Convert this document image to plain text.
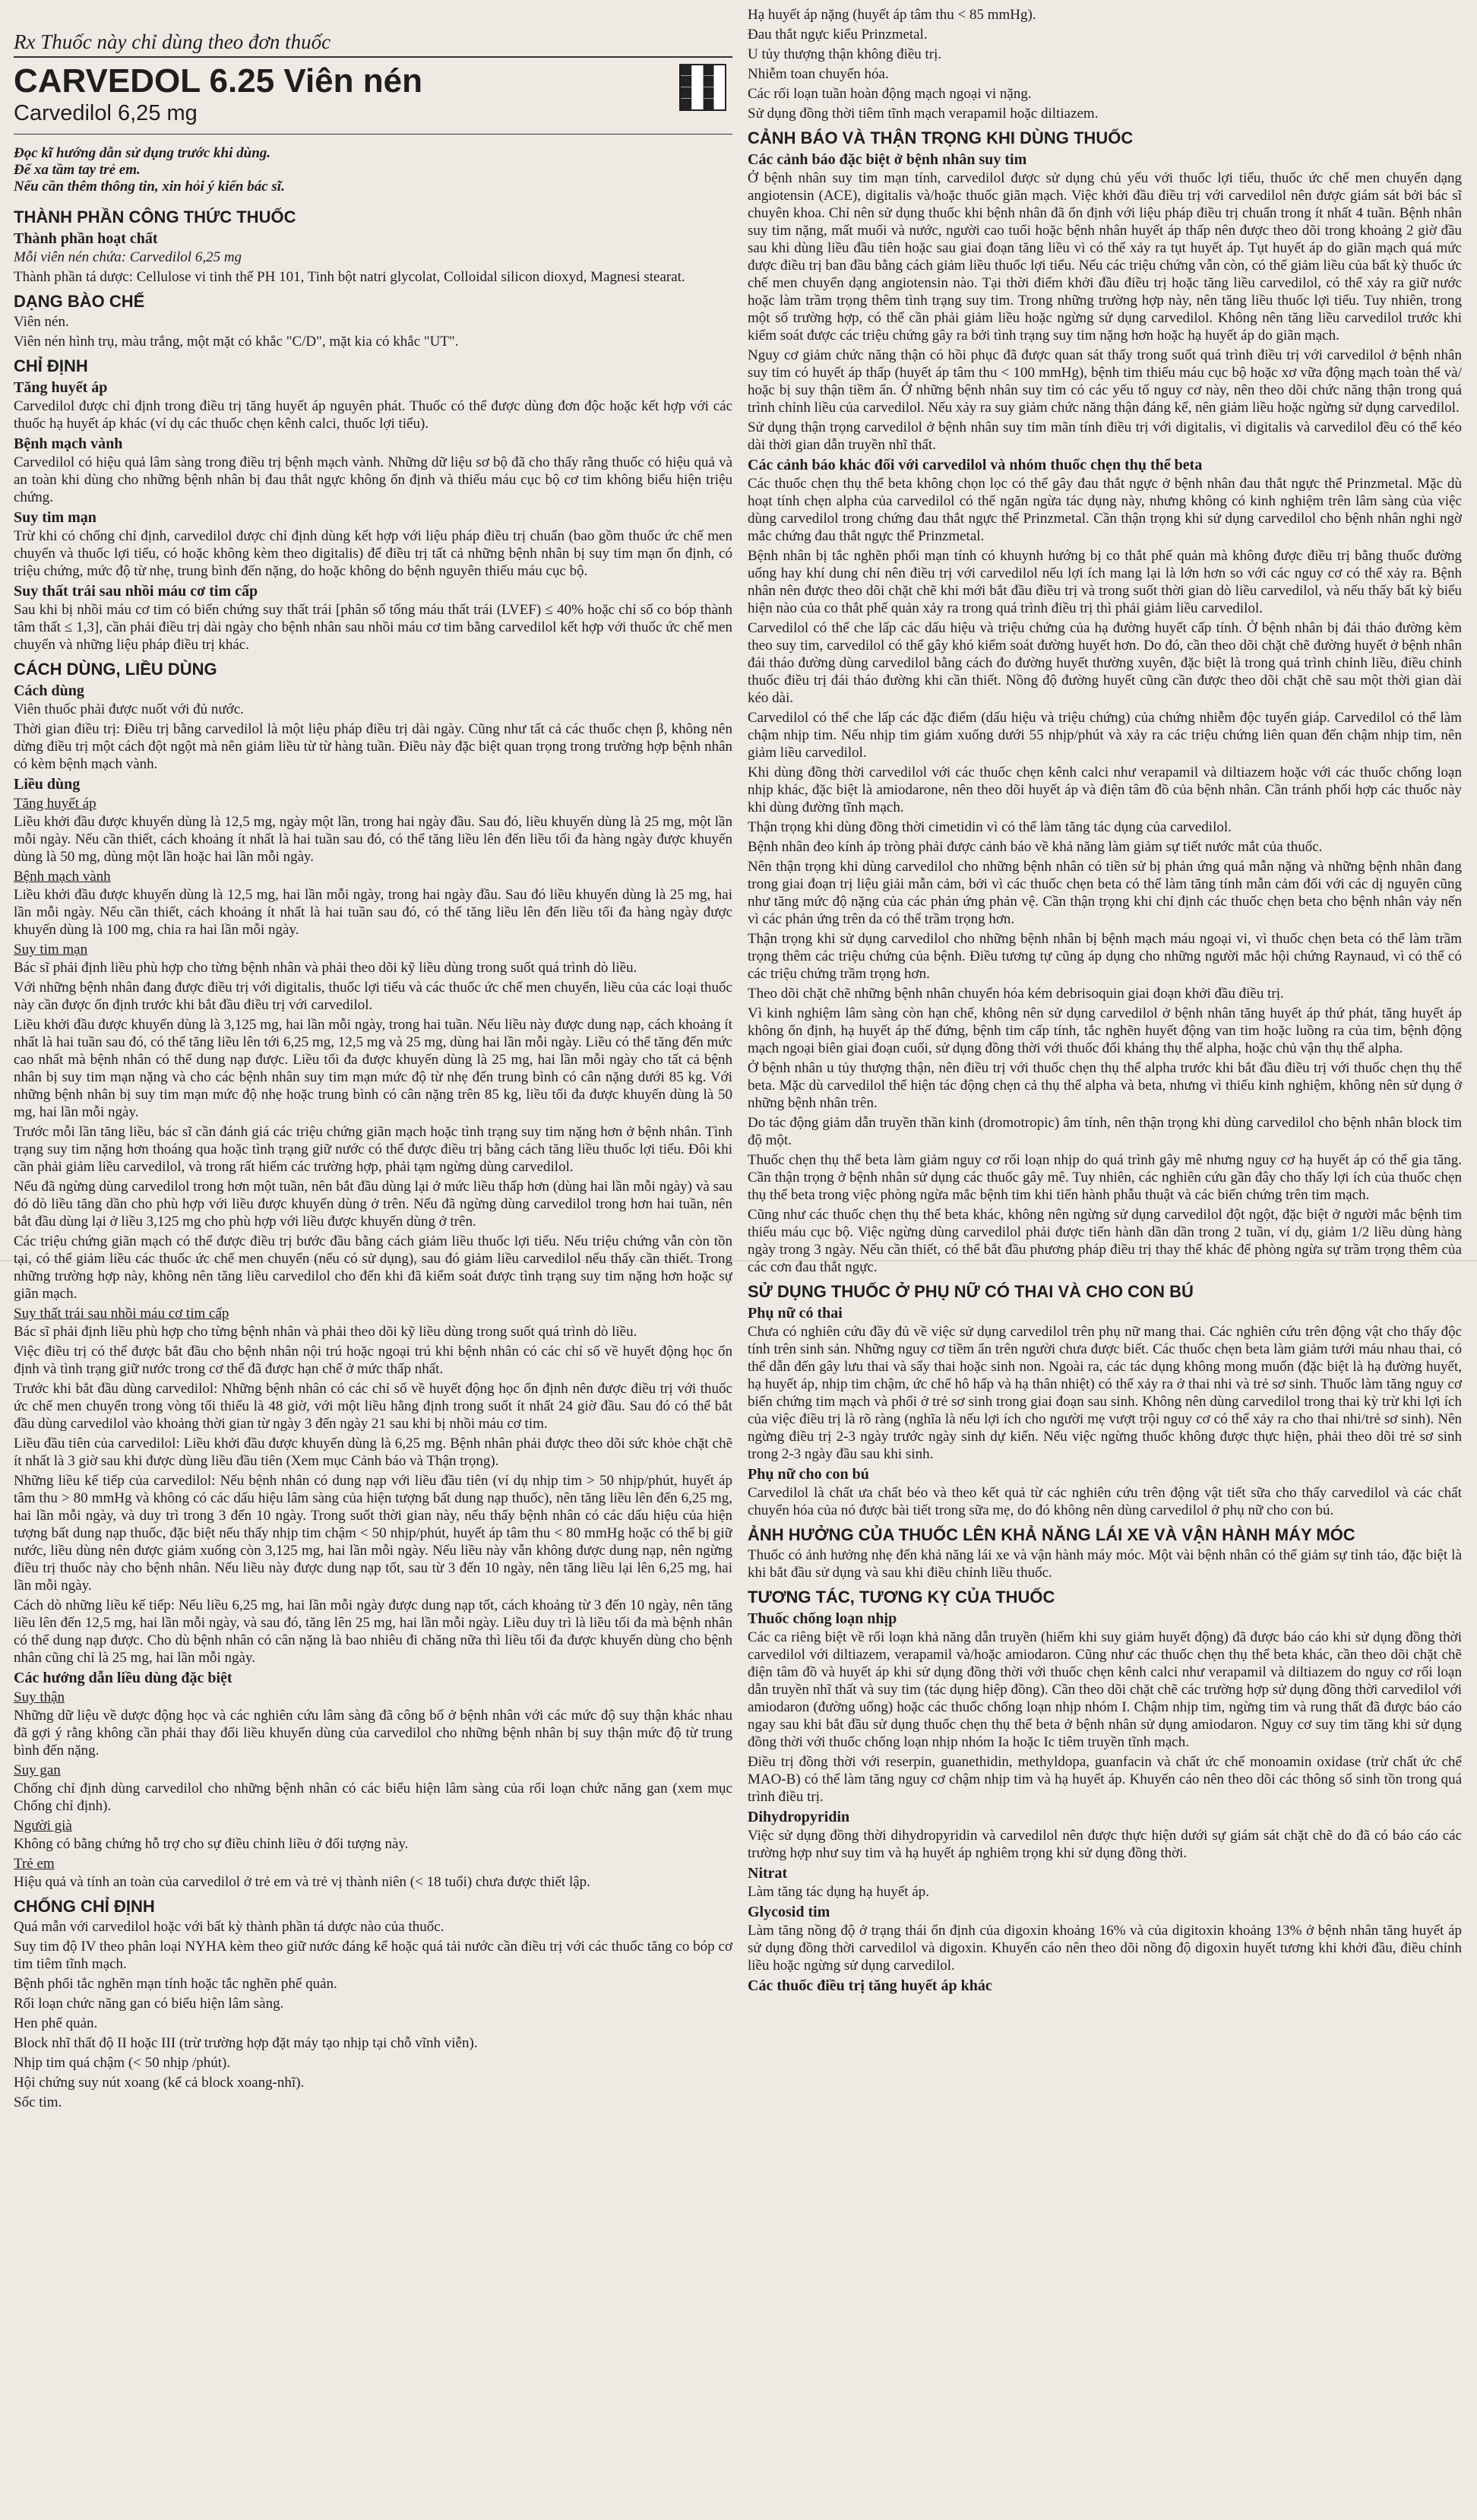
Rx Thuốc này chỉ dùng theo đơn thuốc

CARVEDOL 6.25 Viên nén
Carvedilol 6,25 mg

Đọc kĩ hướng dẫn sử dụng trước khi dùng.

Để xa tầm tay trẻ em.

Nếu cần thêm thông tin, xin hỏi ý kiến bác sĩ.

THÀNH PHẦN CÔNG THỨC THUỐC
Thành phần hoạt chất

Mỗi viên nén chứa: Carvedilol 6,25 mg

Thành phần tá dược: Cellulose vi tinh thể PH 101, Tinh bột natri glycolat, Colloidal silicon dioxyd, Magnesi stearat.

DẠNG BÀO CHẾ

Viên nén.

Viên nén hình trụ, màu trắng, một mặt có khắc "C/D", mặt kia có khắc "UT".

CHỈ ĐỊNH
Tăng huyết áp

Carvedilol được chỉ định trong điều trị tăng huyết áp nguyên phát. Thuốc có thể được dùng đơn độc hoặc kết hợp với các thuốc hạ huyết áp khác (ví dụ các thuốc chẹn kênh calci, thuốc lợi tiểu).

Bệnh mạch vành

Carvedilol có hiệu quả lâm sàng trong điều trị bệnh mạch vành. Những dữ liệu sơ bộ đã cho thấy rằng thuốc có hiệu quả và an toàn khi dùng cho những bệnh nhân bị đau thắt ngực không ổn định và thiếu máu cục bộ cơ tim không biểu hiện triệu chứng.

Suy tim mạn

Trừ khi có chống chỉ định, carvedilol được chỉ định dùng kết hợp với liệu pháp điều trị chuẩn (bao gồm thuốc ức chế men chuyển và thuốc lợi tiểu, có hoặc không kèm theo digitalis) để điều trị tất cả những bệnh nhân bị suy tim mạn ổn định, có triệu chứng, mức độ từ nhẹ, trung bình đến nặng, do hoặc không do bệnh nguyên thiếu máu cục bộ.

Suy thất trái sau nhồi máu cơ tim cấp

Sau khi bị nhồi máu cơ tim có biến chứng suy thất trái [phân số tống máu thất trái (LVEF) ≤ 40% hoặc chỉ số co bóp thành tâm thất ≤ 1,3], cần phải điều trị dài ngày cho bệnh nhân sau nhồi máu cơ tim bằng carvedilol kết hợp với thuốc ức chế men chuyển và những liệu pháp điều trị khác.

CÁCH DÙNG, LIỀU DÙNG
Cách dùng

Viên thuốc phải được nuốt với đủ nước.

Thời gian điều trị: Điều trị bằng carvedilol là một liệu pháp điều trị dài ngày. Cũng như tất cả các thuốc chẹn β, không nên dừng điều trị một cách đột ngột mà nên giảm liều từ từ hàng tuần. Điều này đặc biệt quan trọng trong trường hợp bệnh nhân có kèm bệnh mạch vành.

Liều dùng
Tăng huyết áp

Liều khởi đầu được khuyến dùng là 12,5 mg, ngày một lần, trong hai ngày đầu. Sau đó, liều khuyến dùng là 25 mg, một lần mỗi ngày. Nếu cần thiết, cách khoảng ít nhất là hai tuần sau đó, có thể tăng liều lên đến liều tối đa hàng ngày được khuyến dùng là 50 mg, dùng một lần hoặc hai lần mỗi ngày.

Bệnh mạch vành

Liều khởi đầu được khuyến dùng là 12,5 mg, hai lần mỗi ngày, trong hai ngày đầu. Sau đó liều khuyến dùng là 25 mg, hai lần mỗi ngày. Nếu cần thiết, cách khoảng ít nhất là hai tuần sau đó, có thể tăng liều lên đến liều tối đa hàng ngày được khuyến dùng là 100 mg, chia ra hai lần mỗi ngày.

Suy tim mạn

Bác sĩ phải định liều phù hợp cho từng bệnh nhân và phải theo dõi kỹ liều dùng trong suốt quá trình dò liều.

Với những bệnh nhân đang được điều trị với digitalis, thuốc lợi tiểu và các thuốc ức chế men chuyển, liều của các loại thuốc này cần được ổn định trước khi bắt đầu điều trị với carvedilol.

Liều khởi đầu được khuyến dùng là 3,125 mg, hai lần mỗi ngày, trong hai tuần. Nếu liều này được dung nạp, cách khoảng ít nhất là hai tuần sau đó, có thể tăng liều lên tới 6,25 mg, 12,5 mg và 25 mg, dùng hai lần mỗi ngày. Liều có thể tăng đến mức cao nhất mà bệnh nhân có thể dung nạp được. Liều tối đa được khuyến dùng là 25 mg, hai lần mỗi ngày cho tất cả bệnh nhân bị suy tim mạn nặng và cho các bệnh nhân suy tim mạn mức độ từ nhẹ đến trung bình có cân nặng dưới 85 kg. Với những bệnh nhân bị suy tim mạn mức độ nhẹ hoặc trung bình có cân nặng trên 85 kg, liều tối đa được khuyến dùng là 50 mg, hai lần mỗi ngày.

Trước mỗi lần tăng liều, bác sĩ cần đánh giá các triệu chứng giãn mạch hoặc tình trạng suy tim nặng hơn ở bệnh nhân. Tình trạng suy tim nặng hơn thoáng qua hoặc tình trạng giữ nước có thể được điều trị bằng cách tăng liều thuốc lợi tiểu. Đôi khi cần phải giảm liều carvedilol, và trong rất hiếm các trường hợp, phải tạm ngừng dùng carvedilol.

Nếu đã ngừng dùng carvedilol trong hơn một tuần, nên bắt đầu dùng lại ở mức liều thấp hơn (dùng hai lần mỗi ngày) và sau đó dò liều tăng dần cho phù hợp với liều được khuyến dùng ở trên. Nếu đã ngừng dùng carvedilol trong hơn hai tuần, nên bắt đầu dùng lại ở liều 3,125 mg cho phù hợp với liều được khuyến dùng ở trên.

Các triệu chứng giãn mạch có thể được điều trị bước đầu bằng cách giảm liều thuốc lợi tiểu. Nếu triệu chứng vẫn còn tồn tại, có thể giảm liều các thuốc ức chế men chuyển (nếu có sử dụng), sau đó giảm liều carvedilol nếu thấy cần thiết. Trong những trường hợp này, không nên tăng liều carvedilol cho đến khi đã kiểm soát được tình trạng suy tim nặng hơn hoặc sự giãn mạch.

Suy thất trái sau nhồi máu cơ tim cấp

Bác sĩ phải định liều phù hợp cho từng bệnh nhân và phải theo dõi kỹ liều dùng trong suốt quá trình dò liều.

Việc điều trị có thể được bắt đầu cho bệnh nhân nội trú hoặc ngoại trú khi bệnh nhân có các chỉ số về huyết động học ổn định và tình trạng giữ nước trong cơ thể đã được hạn chế ở mức thấp nhất.

Trước khi bắt đầu dùng carvedilol: Những bệnh nhân có các chỉ số về huyết động học ổn định nên được điều trị với thuốc ức chế men chuyển trong vòng tối thiểu là 48 giờ, với một liều hằng định trong suốt ít nhất 24 giờ đầu. Sau đó có thể bắt đầu dùng carvedilol vào khoảng thời gian từ ngày 3 đến ngày 21 sau khi bị nhồi máu cơ tim.

Liều đầu tiên của carvedilol: Liều khởi đầu được khuyến dùng là 6,25 mg. Bệnh nhân phải được theo dõi sức khỏe chặt chẽ ít nhất là 3 giờ sau khi được dùng liều đầu tiên (Xem mục Cảnh báo và Thận trọng).

Những liều kế tiếp của carvedilol: Nếu bệnh nhân có dung nạp với liều đầu tiên (ví dụ nhịp tim > 50 nhịp/phút, huyết áp tâm thu > 80 mmHg và không có các dấu hiệu lâm sàng của hiện tượng bất dung nạp thuốc), nên tăng liều lên đến 6,25 mg, hai lần mỗi ngày, và duy trì trong 3 đến 10 ngày. Trong suốt thời gian này, nếu thấy bệnh nhân có các dấu hiệu của hiện tượng bất dung nạp thuốc, đặc biệt nếu thấy nhịp tim chậm < 50 nhịp/phút, huyết áp tâm thu < 80 mmHg hoặc có thể bị giữ nước, liều dùng nên được giảm xuống còn 3,125 mg, hai lần mỗi ngày. Nếu liều này vẫn không được dung nạp, nên ngừng điều trị thuốc này cho bệnh nhân. Nếu liều này được dung nạp tốt, sau từ 3 đến 10 ngày, nên tăng liều lại lên 6,25 mg, hai lần mỗi ngày.

Cách dò những liều kế tiếp: Nếu liều 6,25 mg, hai lần mỗi ngày được dung nạp tốt, cách khoảng từ 3 đến 10 ngày, nên tăng liều lên đến 12,5 mg, hai lần mỗi ngày, và sau đó, tăng lên 25 mg, hai lần mỗi ngày. Liều duy trì là liều tối đa mà bệnh nhân có thể dung nạp được. Cho dù bệnh nhân có cân nặng là bao nhiêu đi chăng nữa thì liều tối đa được khuyến dùng cho bệnh nhân cũng chỉ là 25 mg, hai lần mỗi ngày.

Các hướng dẫn liều dùng đặc biệt
Suy thận

Những dữ liệu về dược động học và các nghiên cứu lâm sàng đã công bố ở bệnh nhân với các mức độ suy thận khác nhau đã gợi ý rằng không cần phải thay đổi liều khuyến dùng của carvedilol cho những bệnh nhân bị suy thận mức độ từ trung bình đến nặng.

Suy gan

Chống chỉ định dùng carvedilol cho những bệnh nhân có các biểu hiện lâm sàng của rối loạn chức năng gan (xem mục Chống chỉ định).

Người già

Không có bằng chứng hỗ trợ cho sự điều chỉnh liều ở đối tượng này.

Trẻ em

Hiệu quả và tính an toàn của carvedilol ở trẻ em và trẻ vị thành niên (< 18 tuổi) chưa được thiết lập.

CHỐNG CHỈ ĐỊNH

Quá mẫn với carvedilol hoặc với bất kỳ thành phần tá dược nào của thuốc.

Suy tim độ IV theo phân loại NYHA kèm theo giữ nước đáng kể hoặc quá tải nước cần điều trị với các thuốc tăng co bóp cơ tim tiêm tĩnh mạch.

Bệnh phổi tắc nghẽn mạn tính hoặc tắc nghẽn phế quản.

Rối loạn chức năng gan có biểu hiện lâm sàng.

Hen phế quản.

Block nhĩ thất độ II hoặc III (trừ trường hợp đặt máy tạo nhịp tại chỗ vĩnh viễn).

Nhịp tim quá chậm (< 50 nhịp /phút).

Hội chứng suy nút xoang (kể cả block xoang-nhĩ).

Sốc tim.

Hạ huyết áp nặng (huyết áp tâm thu < 85 mmHg).

Đau thắt ngực kiểu Prinzmetal.

U tủy thượng thận không điều trị.

Nhiễm toan chuyển hóa.

Các rối loạn tuần hoàn động mạch ngoại vi nặng.

Sử dụng đồng thời tiêm tĩnh mạch verapamil hoặc diltiazem.

CẢNH BÁO VÀ THẬN TRỌNG KHI DÙNG THUỐC
Các cảnh báo đặc biệt ở bệnh nhân suy tim

Ở bệnh nhân suy tim mạn tính, carvedilol được sử dụng chủ yếu với thuốc lợi tiểu, thuốc ức chế men chuyển dạng angiotensin (ACE), digitalis và/hoặc thuốc giãn mạch. Việc khởi đầu điều trị với carvedilol nên được giám sát bởi bác sĩ chuyên khoa. Chỉ nên sử dụng thuốc khi bệnh nhân đã ổn định với liệu pháp điều trị chuẩn trong ít nhất 4 tuần. Bệnh nhân suy tim nặng, mất muối và nước, người cao tuổi hoặc bệnh nhân huyết áp thấp nên được theo dõi trong khoảng 2 giờ đầu sau khi dùng liều đầu tiên hoặc sau giai đoạn tăng liều vì có thể xảy ra tụt huyết áp. Tụt huyết áp do giãn mạch quá mức được điều trị ban đầu bằng cách giảm liều thuốc lợi tiểu. Nếu các triệu chứng vẫn còn, có thể giảm liều của bất kỳ thuốc ức chế men chuyển dạng angiotensin nào. Tại thời điểm khởi đầu điều trị hoặc tăng liều carvedilol, có thể xảy ra giữ nước hoặc làm trầm trọng thêm tình trạng suy tim. Trong những trường hợp này, nên tăng liều thuốc lợi tiểu. Tuy nhiên, trong một số trường hợp, có thể cần phải giảm liều hoặc ngừng sử dụng carvedilol. Không nên tăng liều carvedilol trước khi kiểm soát được các triệu chứng gây ra bởi tình trạng suy tim nặng hơn hoặc hạ huyết áp do giãn mạch.

Nguy cơ giảm chức năng thận có hồi phục đã được quan sát thấy trong suốt quá trình điều trị với carvedilol ở bệnh nhân suy tim có huyết áp thấp (huyết áp tâm thu < 100 mmHg), bệnh tim thiếu máu cục bộ hoặc xơ vữa động mạch toàn thể và/ hoặc bị suy thận tiềm ẩn. Ở những bệnh nhân suy tim có các yếu tố nguy cơ này, nên theo dõi chức năng thận trong quá trình chỉnh liều của carvedilol. Nếu xảy ra suy giảm chức năng thận đáng kể, nên giảm liều hoặc ngừng sử dụng carvedilol.

Sử dụng thận trọng carvedilol ở bệnh nhân suy tim mãn tính điều trị với digitalis, vì digitalis và carvedilol đều có thể kéo dài thời gian dẫn truyền nhĩ thất.

Các cảnh báo khác đối với carvedilol và nhóm thuốc chẹn thụ thể beta

Các thuốc chẹn thụ thể beta không chọn lọc có thể gây đau thắt ngực ở bệnh nhân đau thắt ngực thể Prinzmetal. Mặc dù hoạt tính chẹn alpha của carvedilol có thể ngăn ngừa tác dụng này, nhưng không có kinh nghiệm trên lâm sàng của việc dùng carvedilol trong chứng đau thắt ngực thể Prinzmetal. Cần thận trọng khi sử dụng carvedilol cho bệnh nhân nghi ngờ mắc chứng đau thắt ngực thể Prinzmetal.

Bệnh nhân bị tắc nghẽn phổi mạn tính có khuynh hướng bị co thắt phế quản mà không được điều trị bằng thuốc đường uống hay khí dung chỉ nên điều trị với carvedilol nếu lợi ích mang lại là lớn hơn so với các nguy cơ có thể xảy ra. Bệnh nhân nên được theo dõi chặt chẽ khi mới bắt đầu điều trị và trong suốt thời gian dò liều carvedilol, và nếu thấy bất kỳ biểu hiện nào của co thắt phế quản xảy ra trong quá trình điều trị thì phải giảm liều carvedilol.

Carvedilol có thể che lấp các dấu hiệu và triệu chứng của hạ đường huyết cấp tính. Ở bệnh nhân bị đái tháo đường kèm theo suy tim, carvedilol có thể gây khó kiểm soát đường huyết hơn. Do đó, cần theo dõi chặt chẽ đường huyết ở bệnh nhân đái tháo đường dùng carvedilol bằng cách đo đường huyết thường xuyên, đặc biệt là trong quá trình chỉnh liều, điều chỉnh thuốc điều trị đái tháo đường khi cần thiết. Nồng độ đường huyết cũng cần được theo dõi chặt chẽ sau một thời gian dài kéo dài.

Carvedilol có thể che lấp các đặc điểm (dấu hiệu và triệu chứng) của chứng nhiễm độc tuyến giáp. Carvedilol có thể làm chậm nhịp tim. Nếu nhịp tim giảm xuống dưới 55 nhịp/phút và xảy ra các triệu chứng liên quan đến chậm nhịp tim, nên giảm liều carvedilol.

Khi dùng đồng thời carvedilol với các thuốc chẹn kênh calci như verapamil và diltiazem hoặc với các thuốc chống loạn nhịp khác, đặc biệt là amiodarone, nên theo dõi huyết áp và điện tâm đồ của bệnh nhân. Cần tránh phối hợp các thuốc này khi dùng đường tĩnh mạch.

Thận trọng khi dùng đồng thời cimetidin vì có thể làm tăng tác dụng của carvedilol.

Bệnh nhân đeo kính áp tròng phải được cảnh báo về khả năng làm giảm sự tiết nước mắt của thuốc.

Nên thận trọng khi dùng carvedilol cho những bệnh nhân có tiền sử bị phản ứng quá mẫn nặng và những bệnh nhân đang trong giai đoạn trị liệu giải mẫn cảm, bởi vì các thuốc chẹn beta có thể làm tăng tính mẫn cảm đối với các dị nguyên cũng như tăng mức độ nặng của các phản ứng phản vệ. Cần thận trọng khi chỉ định các thuốc chẹn beta cho bệnh nhân vảy nến vì các phản ứng trên da có thể trầm trọng hơn.

Thận trọng khi sử dụng carvedilol cho những bệnh nhân bị bệnh mạch máu ngoại vi, vì thuốc chẹn beta có thể làm trầm trọng thêm các triệu chứng của bệnh. Điều tương tự cũng áp dụng cho những người mắc hội chứng Raynaud, vì có thể có các triệu chứng trầm trọng hơn.

Theo dõi chặt chẽ những bệnh nhân chuyển hóa kém debrisoquin giai đoạn khởi đầu điều trị.

Vì kinh nghiệm lâm sàng còn hạn chế, không nên sử dụng carvedilol ở bệnh nhân tăng huyết áp thứ phát, tăng huyết áp không ổn định, hạ huyết áp thế đứng, bệnh tim cấp tính, tắc nghẽn huyết động van tim hoặc luồng ra của tim, bệnh động mạch ngoại biên giai đoạn cuối, sử dụng đồng thời với thuốc đối kháng thụ thể alpha, hoặc chủ vận thụ thể alpha.

Ở bệnh nhân u tủy thượng thận, nên điều trị với thuốc chẹn thụ thể alpha trước khi bắt đầu điều trị với thuốc chẹn thụ thể beta. Mặc dù carvedilol thể hiện tác động chẹn cả thụ thể alpha và beta, nhưng vì thiếu kinh nghiệm, không nên sử dụng ở những bệnh nhân trên.

Do tác động giảm dẫn truyền thần kinh (dromotropic) âm tính, nên thận trọng khi dùng carvedilol cho bệnh nhân block tim độ một.

Thuốc chẹn thụ thể beta làm giảm nguy cơ rối loạn nhịp do quá trình gây mê nhưng nguy cơ hạ huyết áp có thể gia tăng. Cần thận trọng ở bệnh nhân sử dụng các thuốc gây mê. Tuy nhiên, các nghiên cứu gần đây cho thấy lợi ích của thuốc chẹn thụ thể beta trong việc phòng ngừa mắc bệnh tim khi tiến hành phẫu thuật và các biến chứng trên tim mạch.

Cũng như các thuốc chẹn thụ thể beta khác, không nên ngừng sử dụng carvedilol đột ngột, đặc biệt ở người mắc bệnh tim thiếu máu cục bộ. Việc ngừng dùng carvedilol phải được tiến hành dần dần trong 2 tuần, ví dụ, giảm 1/2 liều dùng hàng ngày trong 3 ngày. Nếu cần thiết, có thể bắt đầu phương pháp điều trị thay thế khác để phòng ngừa sự trầm trọng thêm của các cơn đau thắt ngực.

SỬ DỤNG THUỐC Ở PHỤ NỮ CÓ THAI VÀ CHO CON BÚ
Phụ nữ có thai

Chưa có nghiên cứu đầy đủ về việc sử dụng carvedilol trên phụ nữ mang thai. Các nghiên cứu trên động vật cho thấy độc tính trên sinh sản. Những nguy cơ tiềm ẩn trên người chưa được biết. Các thuốc chẹn beta làm giảm tưới máu nhau thai, có thể dẫn đến gây lưu thai và sẩy thai hoặc sinh non. Ngoài ra, các tác dụng không mong muốn (đặc biệt là hạ đường huyết, hạ huyết áp, nhịp tim chậm, ức chế hô hấp và hạ thân nhiệt) có thể xảy ra ở thai nhi và trẻ sơ sinh. Thuốc làm tăng nguy cơ biến chứng tim mạch và phổi ở trẻ sơ sinh trong giai đoạn sau sinh. Không nên dùng carvedilol trong thai kỳ trừ khi lợi ích của việc điều trị là rõ ràng (nghĩa là nếu lợi ích cho người mẹ vượt trội nguy cơ có thể xảy ra cho thai nhi/trẻ sơ sinh). Nên ngừng điều trị 2-3 ngày trước ngày sinh dự kiến. Nếu việc ngừng thuốc không được thực hiện, phải theo dõi trẻ sơ sinh trong 2-3 ngày đầu sau khi sinh.

Phụ nữ cho con bú

Carvedilol là chất ưa chất béo và theo kết quả từ các nghiên cứu trên động vật tiết sữa cho thấy carvedilol và các chất chuyển hóa của nó được bài tiết trong sữa mẹ, do đó không nên dùng carvedilol ở phụ nữ cho con bú.

ẢNH HƯỞNG CỦA THUỐC LÊN KHẢ NĂNG LÁI XE VÀ VẬN HÀNH MÁY MÓC

Thuốc có ảnh hưởng nhẹ đến khả năng lái xe và vận hành máy móc. Một vài bệnh nhân có thể giảm sự tỉnh táo, đặc biệt là khi bắt đầu sử dụng và sau khi điều chỉnh liều thuốc.

TƯƠNG TÁC, TƯƠNG KỴ CỦA THUỐC
Thuốc chống loạn nhịp

Các ca riêng biệt về rối loạn khả năng dẫn truyền (hiếm khi suy giảm huyết động) đã được báo cáo khi sử dụng đồng thời carvedilol với diltiazem, verapamil và/hoặc amiodaron. Cũng như các thuốc chẹn thụ thể beta khác, cần theo dõi chặt chẽ điện tâm đồ và huyết áp khi sử dụng đồng thời với thuốc chẹn kênh calci như verapamil và diltiazem do nguy cơ rối loạn dẫn truyền nhĩ thất và suy tim (tác dụng hiệp đồng). Cần theo dõi chặt chẽ các trường hợp sử dụng đồng thời carvedilol với amiodaron (đường uống) hoặc các thuốc chống loạn nhịp nhóm I. Chậm nhịp tim, ngừng tim và rung thất đã được báo cáo ngay sau khi bắt đầu sử dụng thuốc chẹn thụ thể beta ở bệnh nhân sử dụng amiodaron. Nguy cơ suy tim tăng khi sử dụng đồng thời với thuốc chống loạn nhịp nhóm Ia hoặc Ic tiêm truyền tĩnh mạch.

Điều trị đồng thời với reserpin, guanethidin, methyldopa, guanfacin và chất ức chế monoamin oxidase (trừ chất ức chế MAO-B) có thể làm tăng nguy cơ chậm nhịp tim và hạ huyết áp. Khuyến cáo nên theo dõi các thông số sinh tồn trong quá trình điều trị.

Dihydropyridin

Việc sử dụng đồng thời dihydropyridin và carvedilol nên được thực hiện dưới sự giám sát chặt chẽ do đã có báo cáo các trường hợp như suy tim và hạ huyết áp nghiêm trọng khi sử dụng đồng thời.

Nitrat

Làm tăng tác dụng hạ huyết áp.

Glycosid tim

Làm tăng nồng độ ở trạng thái ổn định của digoxin khoảng 16% và của digitoxin khoảng 13% ở bệnh nhân tăng huyết áp sử dụng đồng thời carvedilol và digoxin. Khuyến cáo nên theo dõi nồng độ digoxin huyết tương khi khởi đầu, điều chỉnh liều hoặc ngừng sử dụng carvedilol.

Các thuốc điều trị tăng huyết áp khác
